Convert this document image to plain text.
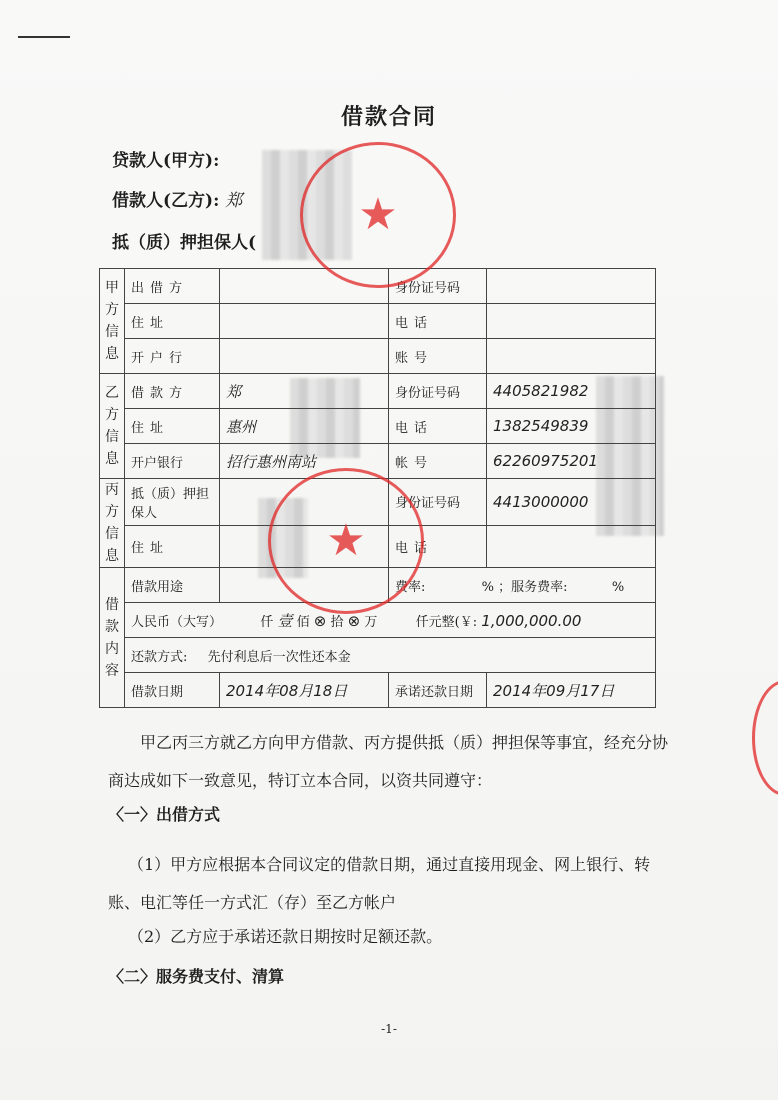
借款合同
贷款人(甲方):
借款人(乙方): 郑
抵（质）押担保人(
甲方信息	出借方		身份证号码	
	住址		电话	
	开户行		账号	
乙方信息	借款方	郑	身份证号码	4405821982
	住址	惠州	电话	1382549839
	开户银行	招行惠州南站	帐号	62260975201
丙方信息	抵（质）押担保人		身份证号码	4413000000
	住址		电话	
借款内容	借款用途		费率: % ；服务费率: %	
	人民币（大写） 仟 壹 佰 ⊗ 拾 ⊗ 万 仟元整(￥: 1,000,000.00			
	还款方式: 先付利息后一次性还本金			
	借款日期	2014年08月18日	承诺还款日期	2014年09月17日
甲乙丙三方就乙方向甲方借款、丙方提供抵（质）押担保等事宜，经充分协商达成如下一致意见，特订立本合同，以资共同遵守：
〈一〉出借方式
（1）甲方应根据本合同议定的借款日期，通过直接用现金、网上银行、转账、电汇等任一方式汇（存）至乙方帐户
（2）乙方应于承诺还款日期按时足额还款。
〈二〉服务费支付、清算
-1-
★
★
